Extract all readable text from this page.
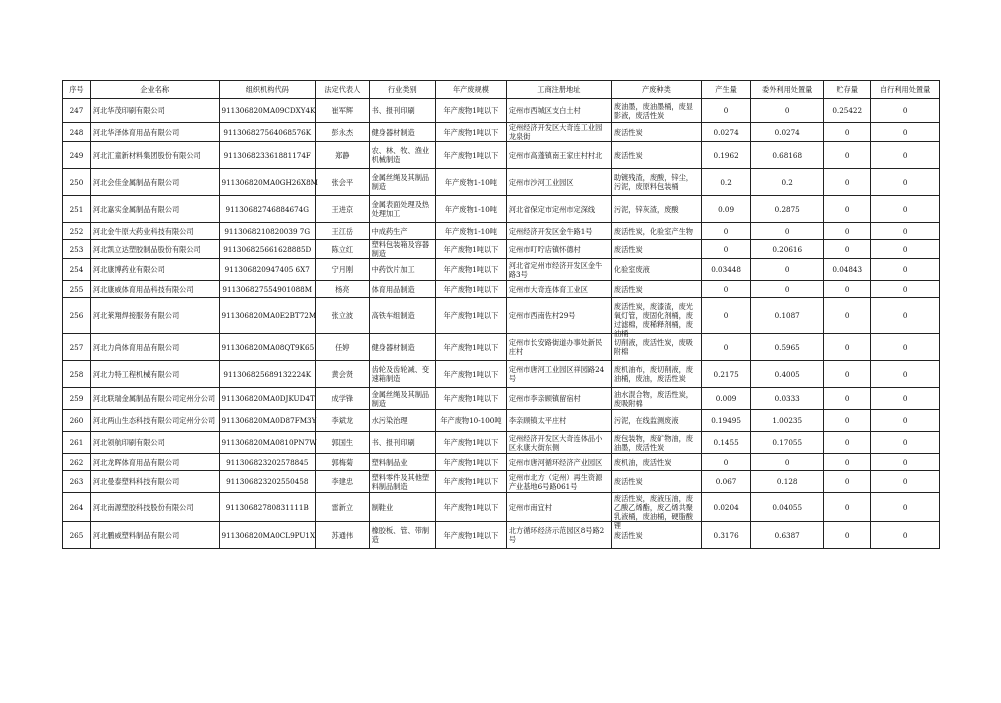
序号	企业名称	组织机构代码	法定代表人	行业类别	年产废规模	工商注册地址	产废种类	产生量	委外利用处置量	贮存量	自行利用处置量

247	河北华茂印刷有限公司	911306820MA09CDXY4K	崔军辉	书、报刊印刷	年产废物1吨以下	定州市西城区支白土村	废油墨，废油墨桶，废显影液，废活性炭	0	0	0.25422	0

248	河北华泽体育用品有限公司	911306827564068576K	彭永杰	健身器材制造	年产废物1吨以下	定州经济开发区大奇连工业园龙泉街	废活性炭	0.0274	0.0274	0	0

249	河北汇童新材料集团股份有限公司	911306823361881174F	郑静	农、林、牧、渔业机械制造	年产废物1吨以下	定州市高蓬镇南王家庄村村北	废活性炭	0.1962	0.68168	0	0

250	河北会佳金属制品有限公司	911306820MA0GH26X8M	张会平	金属丝绳及其制品制造	年产废物1-10吨	定州市沙河工业园区	助镀残渣，废酸，锌尘，污泥，废原料包装桶	0.2	0.2	0	0

251	河北嘉实金属制品有限公司	91130682746884674G	王进京	金属表面处理及热处理加工	年产废物1-10吨	河北省保定市定州市定深线	污泥，锌灰渣，废酸	0.09	0.2875	0	0

252	河北金牛原大药业科技有限公司	9113068210820039 7G	王江岳	中成药生产	年产废物1-10吨	定州经济开发区金牛路1号	废活性炭，化验室产生物	0	0	0	0

253	河北凯立达塑胶制品股份有限公司	911306825661628885D	陈立红	塑料包装箱及容器制造	年产废物1吨以下	定州市叮咛店镇怀德村	废活性炭	0	0.20616	0	0

254	河北康博药业有限公司	911306820947405 6X7	宁月刚	中药饮片加工	年产废物1吨以下	河北省定州市经济开发区金牛路3号	化验室废液	0.03448	0	0.04843	0

255	河北康威体育用品科技有限公司	911306827554901088M	杨亮	体育用品制造	年产废物1吨以下	定州市大奇连体育工业区	废活性炭	0	0	0	0

256	河北莱翔焊接服务有限公司	911306820MA0E2BT72M	张立波	高铁车组制造	年产废物1吨以下	定州市西南佐村29号	废活性炭，废漆渣，废光氧灯管，废固化剂桶，废过滤棉，废稀释剂桶，废油桶	0	0.1087	0	0

257	河北力尚体育用品有限公司	911306820MA08QT9K65	任婷	健身器材制造	年产废物1吨以下	定州市长安路街道办事处新民庄村	切削液，废活性炭，废吸附棉	0	0.5965	0	0

258	河北力特工程机械有限公司	911306825689132224K	黄会贤	齿轮及齿轮减、变速箱制造	年产废物1吨以下	定州市唐河工业园区祥园路24号	废机油布，废切削液，废油桶，废油，废活性炭	0.2175	0.4005	0	0

259	河北联瑞金属制品有限公司定州分公司	911306820MA0DJKUD4T	成学锋	金属丝绳及其制品制造	年产废物1吨以下	定州市李亲顾镇留宿村	油水混合物，废活性炭，废吸附棉	0.009	0.0333	0	0

260	河北两山生态科技有限公司定州分公司	911306820MA0D87FM3Y	李斌龙	水污染治理	年产废物10-100吨	李亲顾镇太平庄村	污泥，在线监测废液	0.19495	1.00235	0	0

261	河北领航印刷有限公司	911306820MA0810PN7W	郭国生	书、报刊印刷	年产废物1吨以下	定州经济开发区大奇连体品小区永康大街东侧	废包装物，废矿物油，废油墨，废活性炭	0.1455	0.17055	0	0

262	河北龙晖体育用品有限公司	911306823202578845	郭梅菊	塑料制品业	年产废物1吨以下	定州市唐河循环经济产业园区	废机油，废活性炭	0	0	0	0

263	河北曼泰塑料科技有限公司	911306823202550458	李建忠	塑料零件及其他塑料制品制造	年产废物1吨以下	定州市北方（定州）再生资源产业基地6号路061号	废活性炭	0.067	0.128	0	0

264	河北南源塑胶科技股份有限公司	91130682780831111B	雷新立	制鞋业	年产废物1吨以下	定州市南宜村	废活性炭，废液压油，废乙酸乙烯酯，废乙烯共聚乳液桶，废油桶，硬脂酸锂	0.0204	0.04055	0	0

265	河北鹏威塑料制品有限公司	911306820MA0CL9PU1X	苏通伟	橡胶板、管、带制造	年产废物1吨以下	北方循环经济示范园区8号路2号	废活性炭	0.3176	0.6387	0	0
